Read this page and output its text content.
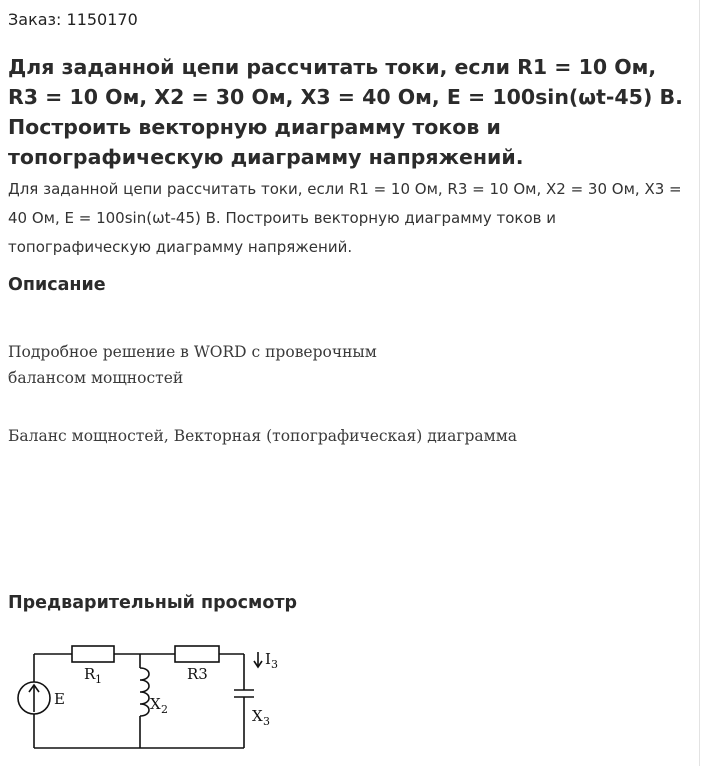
Заказ: 1150170
Для заданной цепи рассчитать токи, если R1 = 10 Ом, R3 = 10 Ом, X2 = 30 Ом, X3 = 40 Ом, E = 100sin(ωt-45) В. Построить векторную диаграмму токов и топографическую диаграмму напряжений.
Для заданной цепи рассчитать токи, если R1 = 10 Ом, R3 = 10 Ом, X2 = 30 Ом, X3 = 40 Ом, E = 100sin(ωt-45) В. Построить векторную диаграмму токов и топографическую диаграмму напряжений.
Описание
Подробное решение в WORD с проверочным
балансом мощностей
Баланс мощностей, Векторная (топографическая) диаграмма
Предварительный просмотр
E
R 1	R3
X 2	X 3
I 3
